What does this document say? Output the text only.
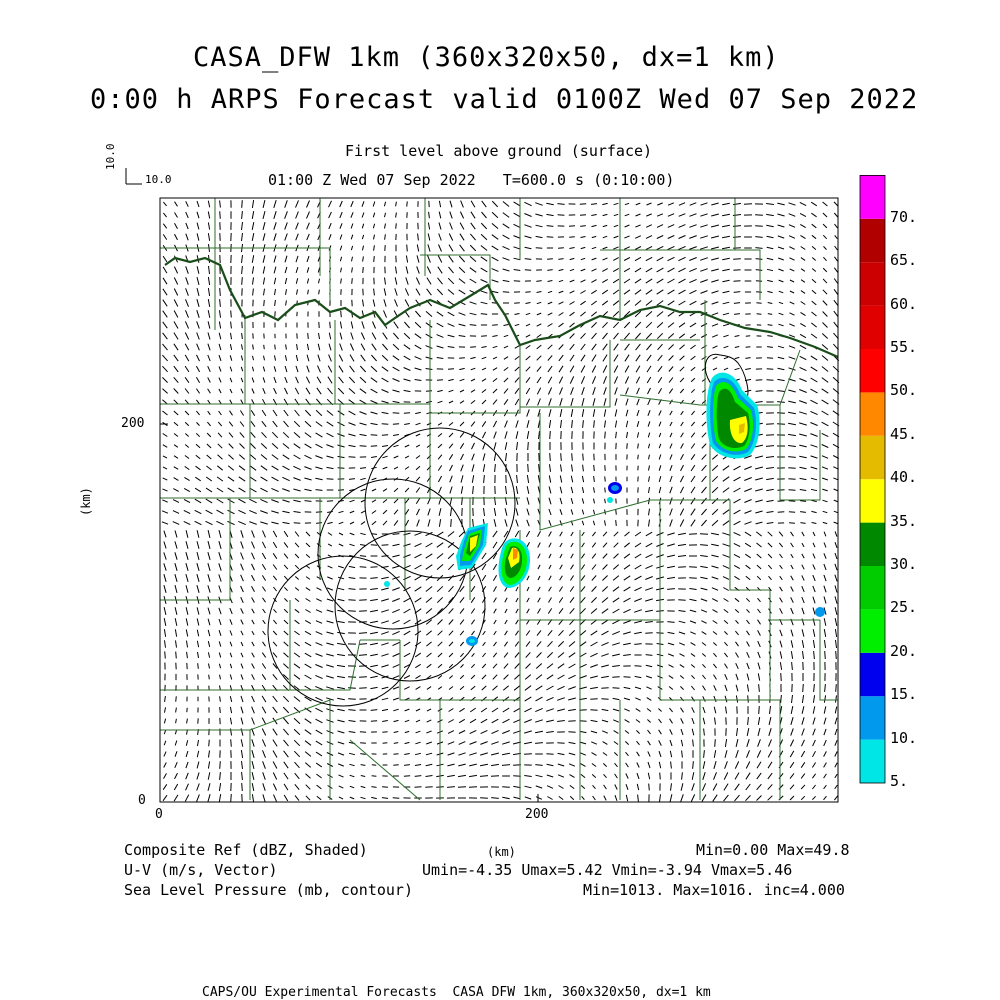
CASA_DFW 1km (360x320x50, dx=1 km)
0:00 h ARPS Forecast valid 0100Z Wed 07 Sep 2022
First level above ground (surface)
01:00 Z Wed 07 Sep 2022   T=600.0 s (0:10:00)
10.0
10.0
200
0
0	200
(km)
(km)
5.
10.
15.
20.
25.
30.
35.
40.
45.
50.
55.
60.
65.
70.
Composite Ref (dBZ, Shaded)	Min=0.00 Max=49.8
U-V (m/s, Vector)	Umin=-4.35 Umax=5.42 Vmin=-3.94 Vmax=5.46
Sea Level Pressure (mb, contour)	Min=1013. Max=1016. inc=4.000
CAPS/OU Experimental Forecasts  CASA DFW 1km, 360x320x50, dx=1 km
